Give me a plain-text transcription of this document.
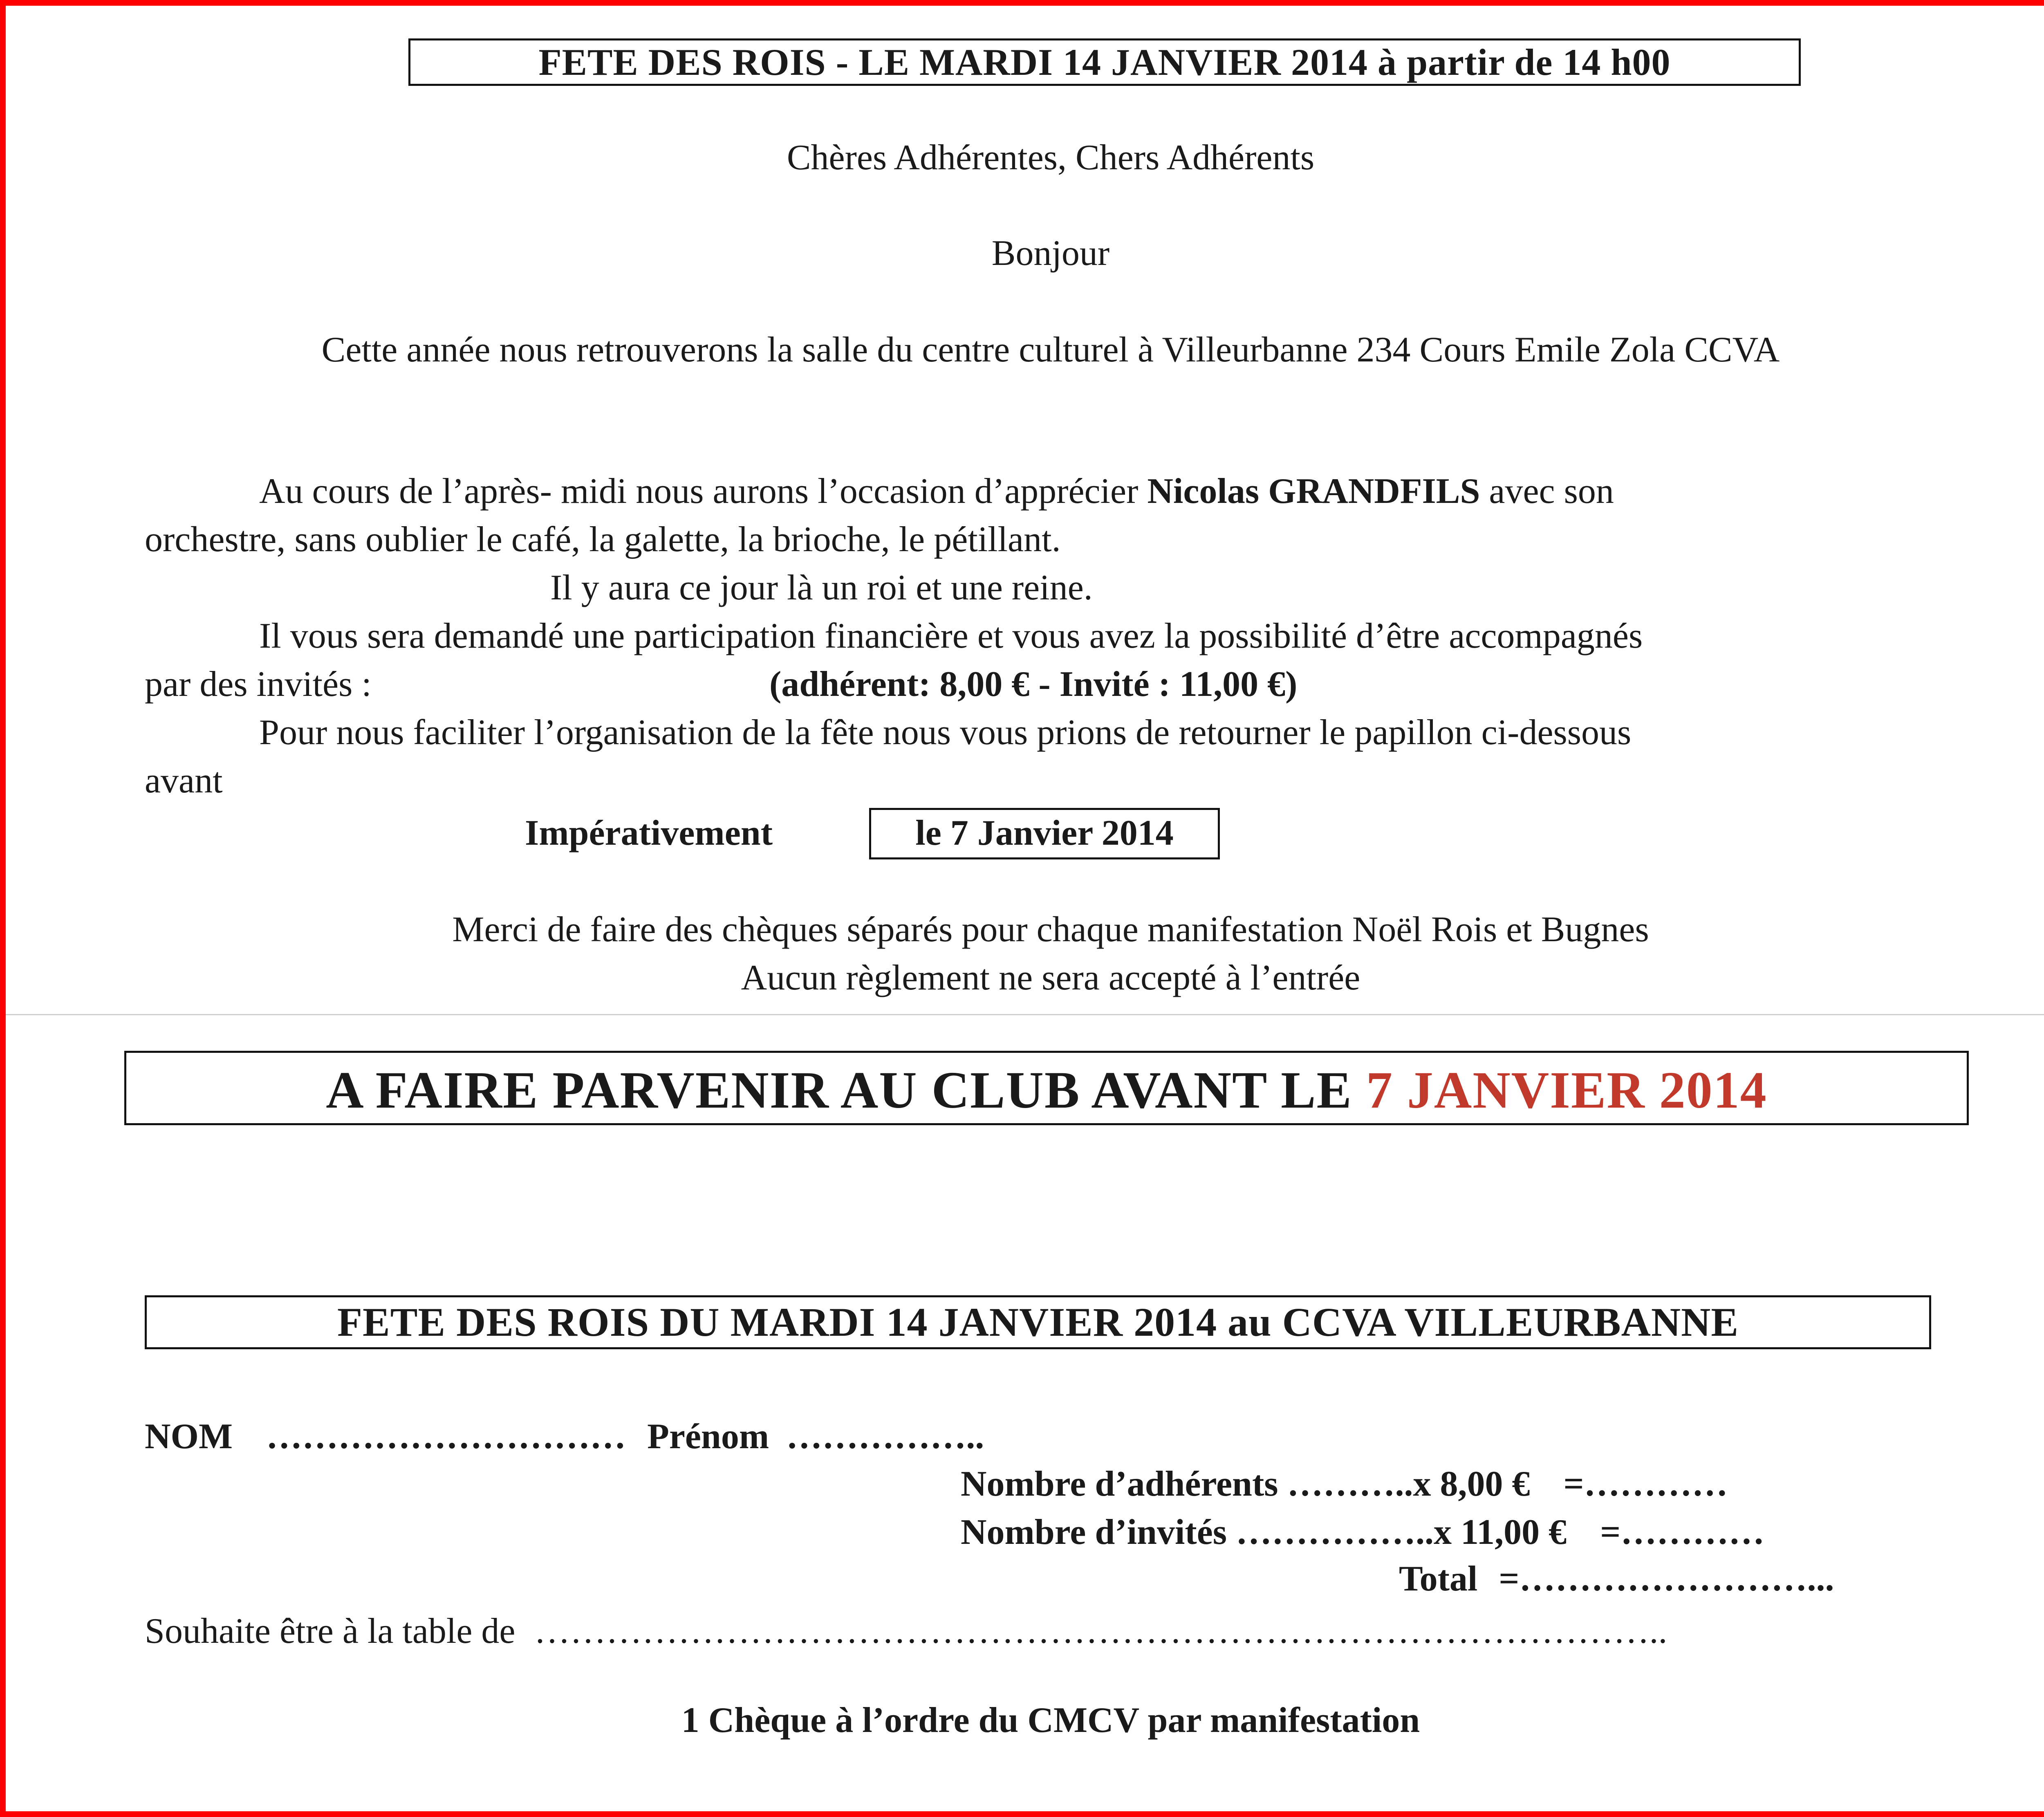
FETE DES ROIS - LE MARDI 14 JANVIER 2014 à partir de 14 h00
Chères Adhérentes, Chers Adhérents
Bonjour
Cette année nous retrouverons la salle du centre culturel à Villeurbanne 234 Cours Emile Zola CCVA
Au cours de l’après- midi nous aurons l’occasion d’apprécier Nicolas GRANDFILS avec son
orchestre, sans oublier le café, la galette, la brioche, le pétillant.
Il y aura ce jour là un roi et une reine.
Il vous sera demandé une participation financière et vous avez la possibilité d’être accompagnés
par des invités :	(adhérent: 8,00 € - Invité : 11,00 €)
Pour nous faciliter l’organisation de la fête nous vous prions de retourner le papillon ci-dessous
avant
Impérativement	le 7 Janvier 2014
Merci de faire des chèques séparés pour chaque manifestation Noël Rois et Bugnes
Aucun règlement ne sera accepté à l’entrée
A FAIRE PARVENIR AU CLUB AVANT LE 7 JANVIER 2014
FETE DES ROIS DU MARDI 14 JANVIER 2014 au CCVA VILLEURBANNE
NOM ………………………… Prénom ……………..
Nombre d’adhérents ………..x 8,00 € =…………
Nombre d’invités ……………..x 11,00 € =…………
Total =……………………...
Souhaite être à la table de …………………………………………………………………………………..
1 Chèque à l’ordre du CMCV par manifestation
